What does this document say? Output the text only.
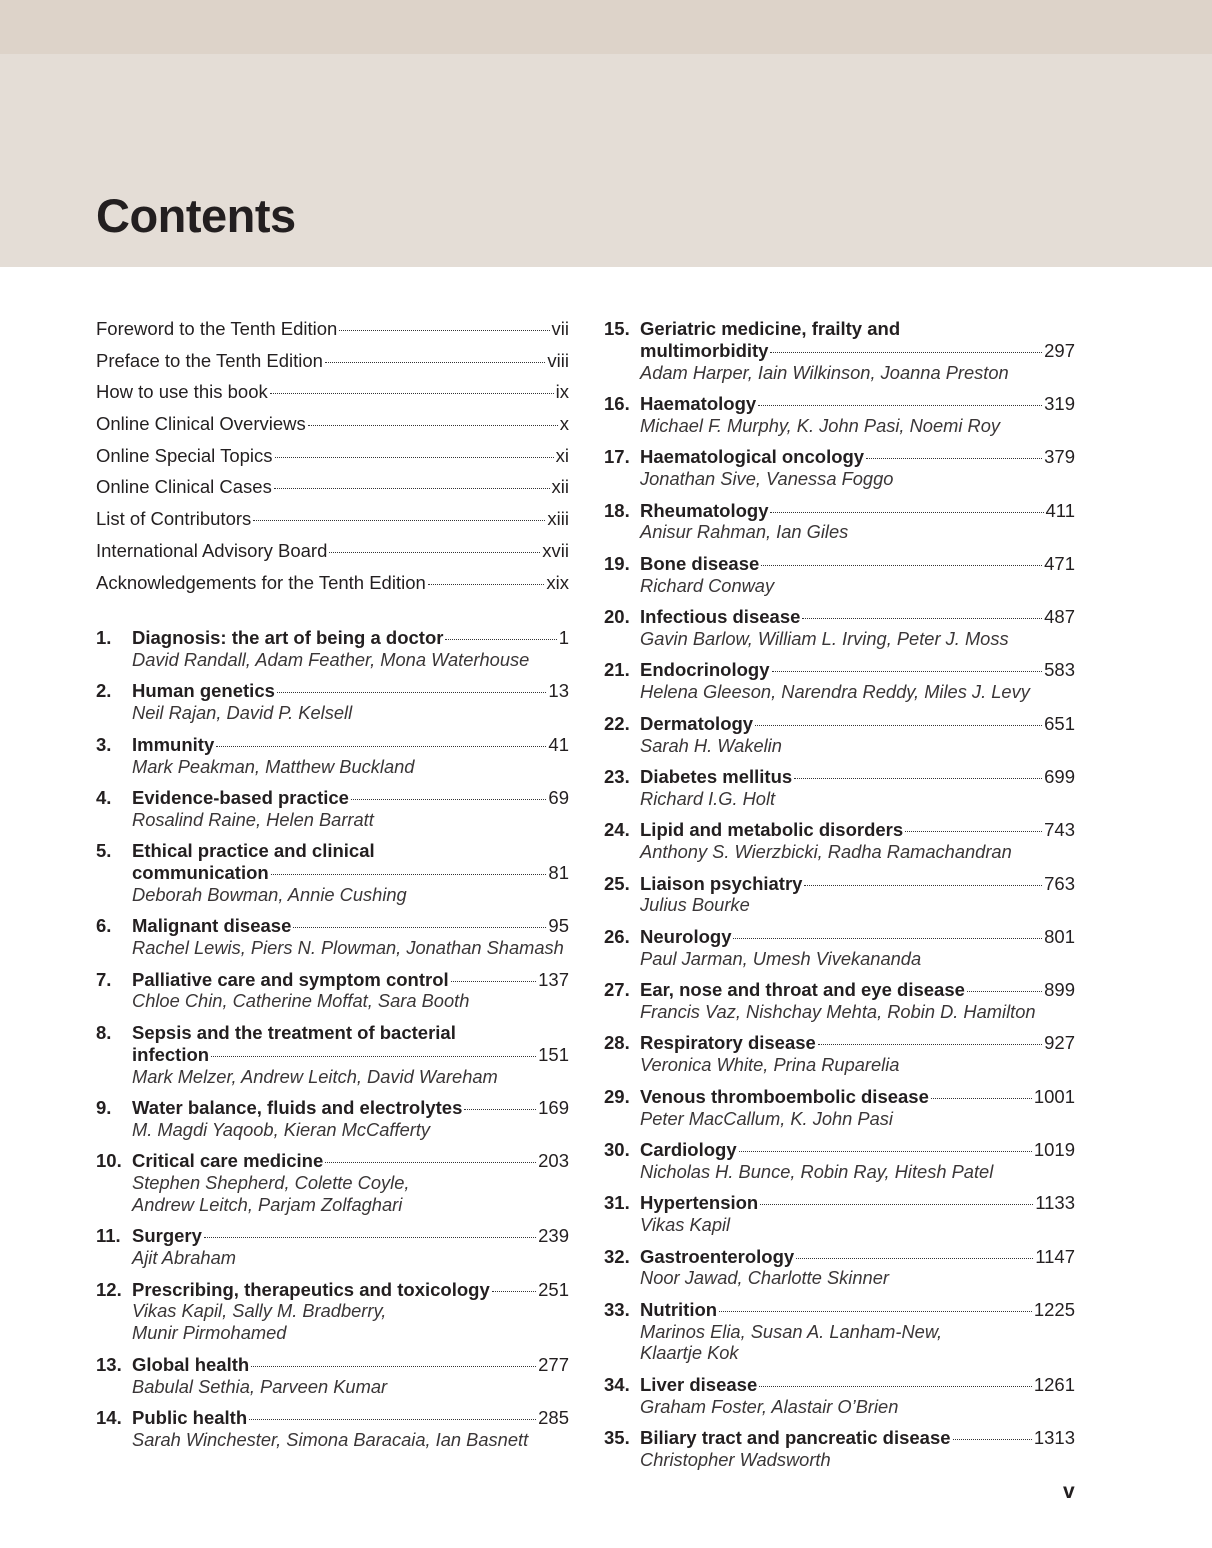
Contents
Foreword to the Tenth Edition	vii
Preface to the Tenth Edition	viii
How to use this book	ix
Online Clinical Overviews	x
Online Special Topics	xi
Online Clinical Cases	xii
List of Contributors	xiii
International Advisory Board	xvii
Acknowledgements for the Tenth Edition	xix
1. Diagnosis: the art of being a doctor	1
David Randall, Adam Feather, Mona Waterhouse
2. Human genetics	13
Neil Rajan, David P. Kelsell
3. Immunity	41
Mark Peakman, Matthew Buckland
4. Evidence-based practice	69
Rosalind Raine, Helen Barratt
5. Ethical practice and clinical
communication	81
Deborah Bowman, Annie Cushing
6. Malignant disease	95
Rachel Lewis, Piers N. Plowman, Jonathan Shamash
7. Palliative care and symptom control	137
Chloe Chin, Catherine Moffat, Sara Booth
8. Sepsis and the treatment of bacterial
infection	151
Mark Melzer, Andrew Leitch, David Wareham
9. Water balance, fluids and electrolytes	169
M. Magdi Yaqoob, Kieran McCafferty
10. Critical care medicine	203
Stephen Shepherd, Colette Coyle,
Andrew Leitch, Parjam Zolfaghari
11. Surgery	239
Ajit Abraham
12. Prescribing, therapeutics and toxicology	251
Vikas Kapil, Sally M. Bradberry,
Munir Pirmohamed
13. Global health	277
Babulal Sethia, Parveen Kumar
14. Public health	285
Sarah Winchester, Simona Baracaia, Ian Basnett
15. Geriatric medicine, frailty and
multimorbidity	297
Adam Harper, Iain Wilkinson, Joanna Preston
16. Haematology	319
Michael F. Murphy, K. John Pasi, Noemi Roy
17. Haematological oncology	379
Jonathan Sive, Vanessa Foggo
18. Rheumatology	411
Anisur Rahman, Ian Giles
19. Bone disease	471
Richard Conway
20. Infectious disease	487
Gavin Barlow, William L. Irving, Peter J. Moss
21. Endocrinology	583
Helena Gleeson, Narendra Reddy, Miles J. Levy
22. Dermatology	651
Sarah H. Wakelin
23. Diabetes mellitus	699
Richard I.G. Holt
24. Lipid and metabolic disorders	743
Anthony S. Wierzbicki, Radha Ramachandran
25. Liaison psychiatry	763
Julius Bourke
26. Neurology	801
Paul Jarman, Umesh Vivekananda
27. Ear, nose and throat and eye disease	899
Francis Vaz, Nishchay Mehta, Robin D. Hamilton
28. Respiratory disease	927
Veronica White, Prina Ruparelia
29. Venous thromboembolic disease	1001
Peter MacCallum, K. John Pasi
30. Cardiology	1019
Nicholas H. Bunce, Robin Ray, Hitesh Patel
31. Hypertension	1133
Vikas Kapil
32. Gastroenterology	1147
Noor Jawad, Charlotte Skinner
33. Nutrition	1225
Marinos Elia, Susan A. Lanham-New,
Klaartje Kok
34. Liver disease	1261
Graham Foster, Alastair O’Brien
35. Biliary tract and pancreatic disease	1313
Christopher Wadsworth
v
